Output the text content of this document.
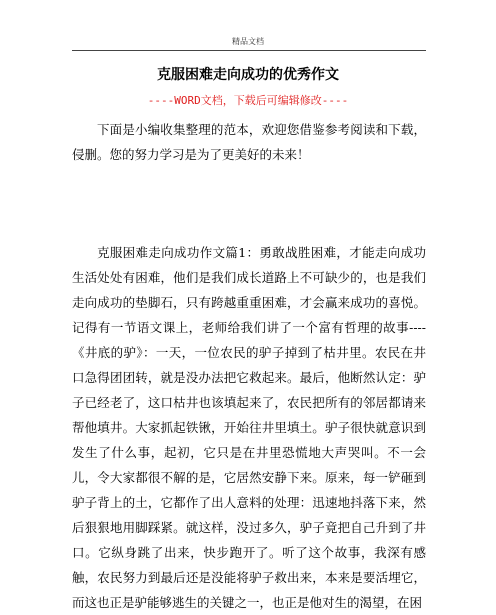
精品文档
克服困难走向成功的优秀作文
----WORD文档，下载后可编辑修改----

下面是小编收集整理的范本，欢迎您借鉴参考阅读和下载，侵删。您的努力学习是为了更美好的未来！

克服困难走向成功作文篇1：勇敢战胜困难，才能走向成功　　生活处处有困难，他们是我们成长道路上不可缺少的，也是我们走向成功的垫脚石，只有跨越重重困难，才会赢来成功的喜悦。记得有一节语文课上，老师给我们讲了一个富有哲理的故事----《井底的驴》：一天，一位农民的驴子掉到了枯井里。农民在井口急得团团转，就是没办法把它救起来。最后，他断然认定：驴子已经老了，这口枯井也该填起来了，农民把所有的邻居都请来帮他填井。大家抓起铁锹，开始往井里填土。驴子很快就意识到发生了什么事，起初，它只是在井里恐慌地大声哭叫。不一会儿，令大家都很不解的是，它居然安静下来。原来，每一铲砸到驴子背上的土，它都作了出人意料的处理：迅速地抖落下来，然后狠狠地用脚踩紧。就这样，没过多久，驴子竟把自己升到了井口。它纵身跳了出来，快步跑开了。听了这个故事，我深有感触，农民努力到最后还是没能将驴子救出来，本来是要活埋它，而这也正是驴能够逃生的关键之一，也正是他对生的渴望，在困
